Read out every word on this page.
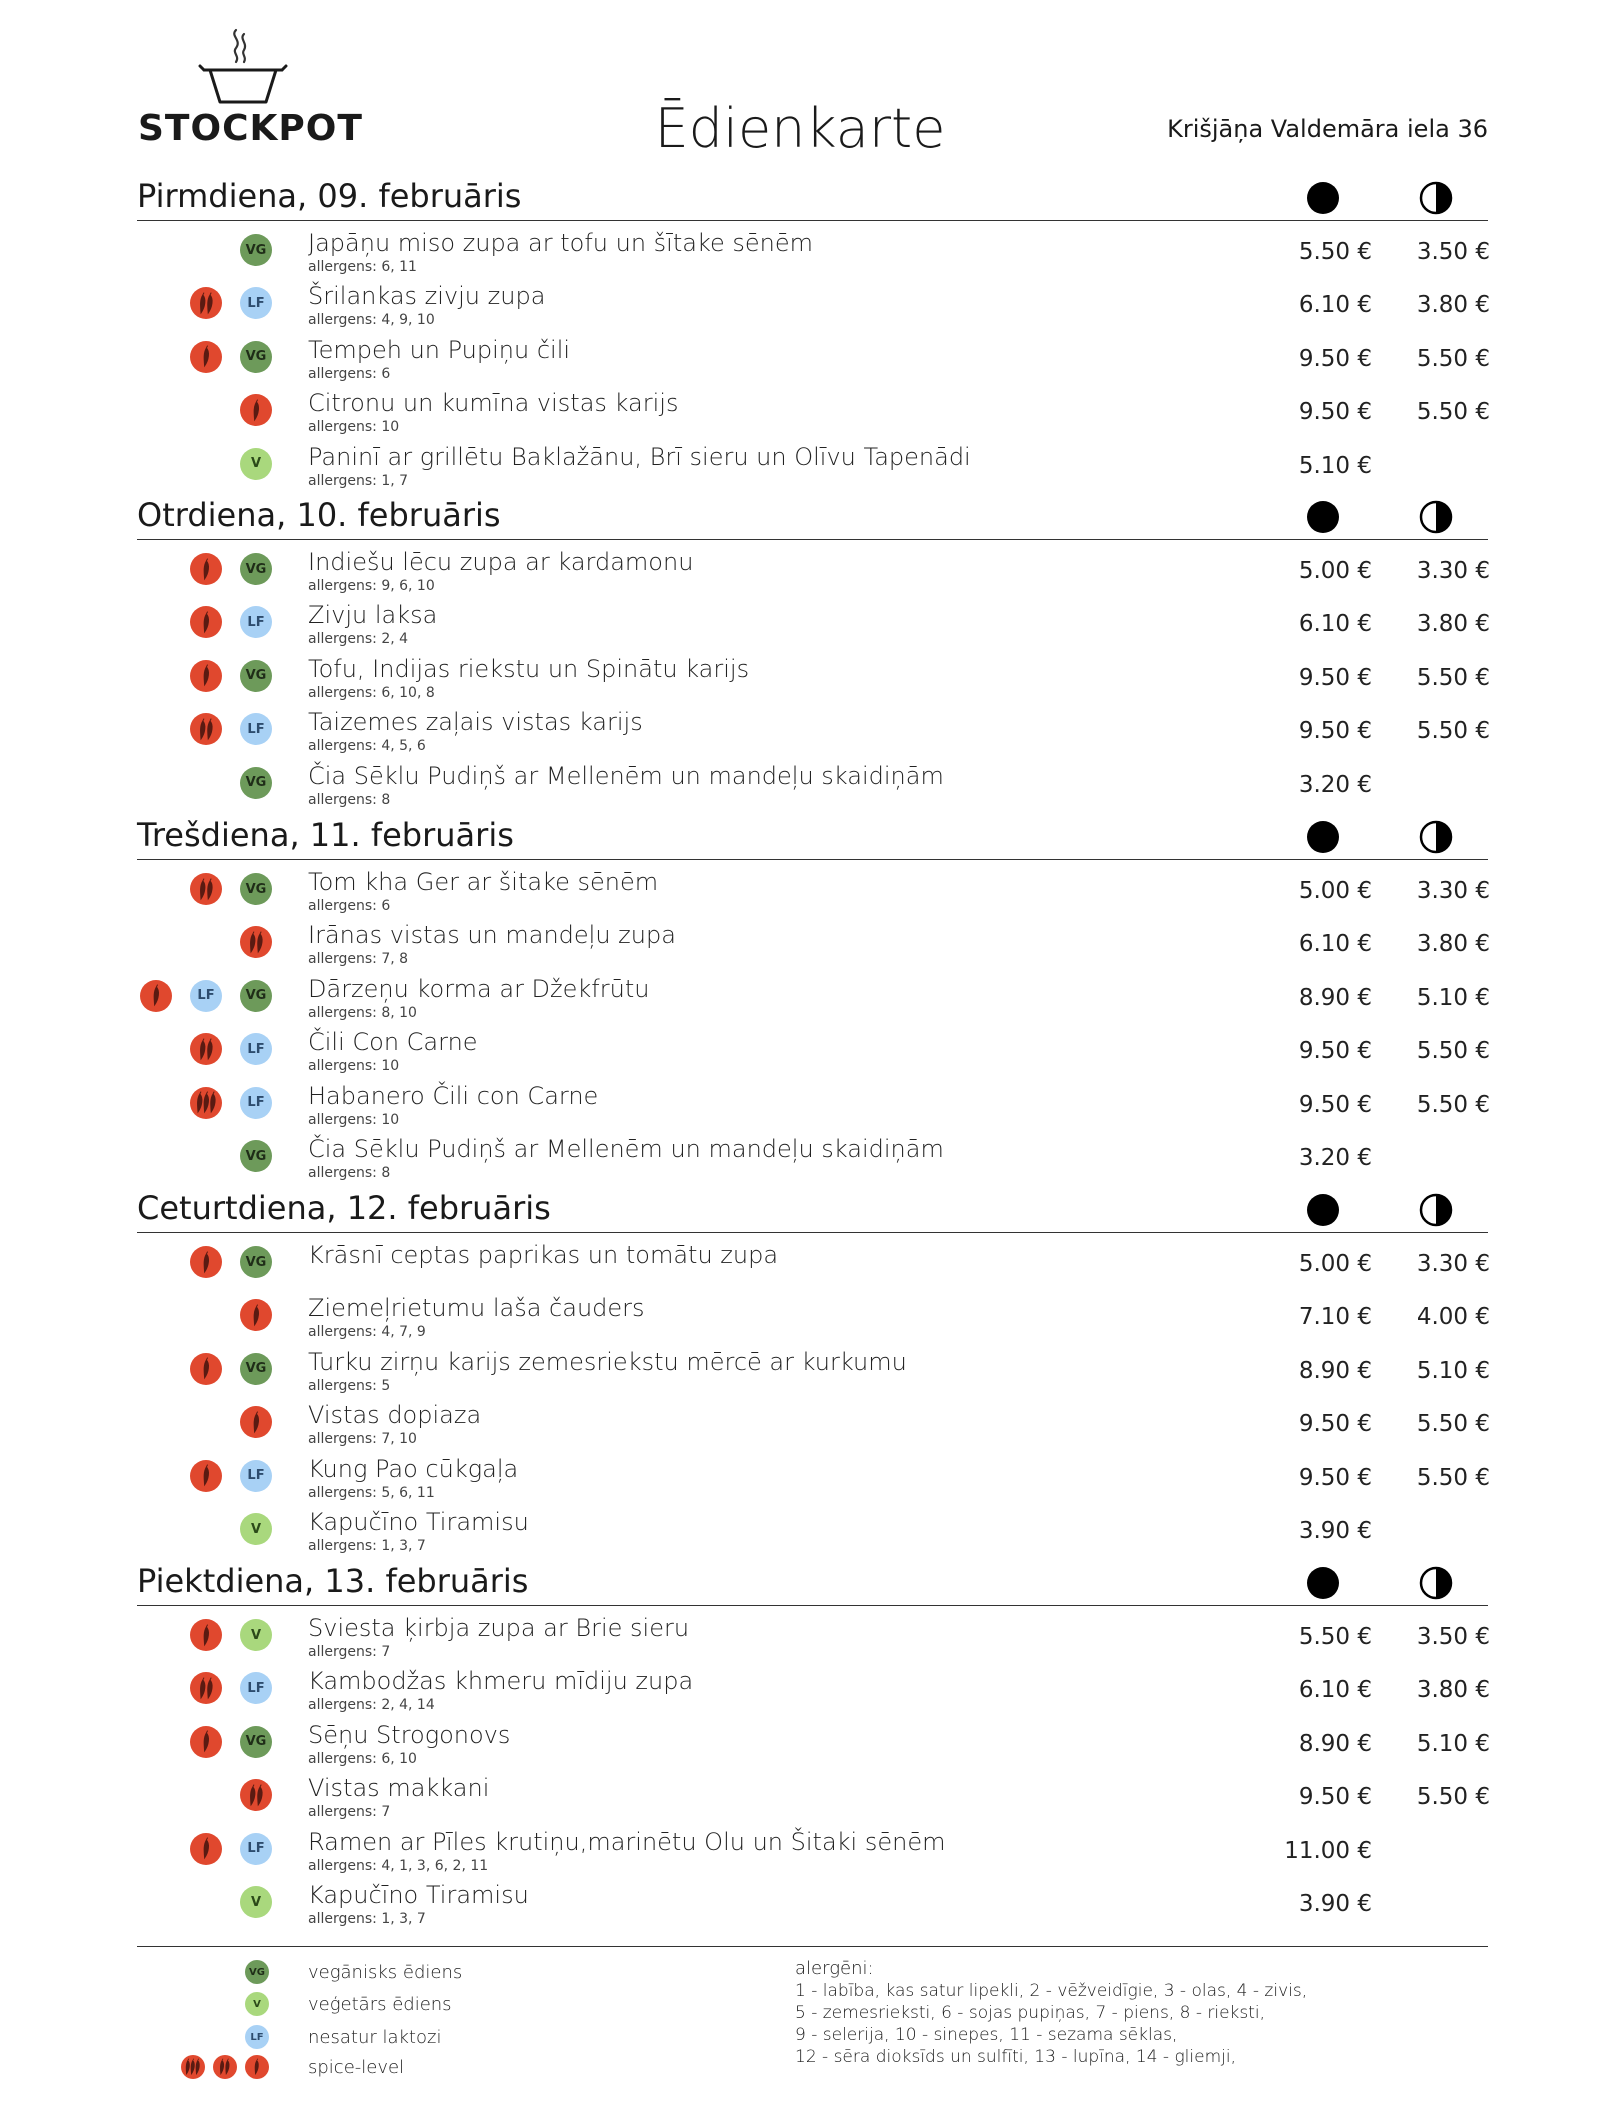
STOCKPOT	Ēdienkarte	Krišjāņa Valdemāra iela 36
Pirmdiena, 09. februāris
VG Japāņu miso zupa ar tofu un šītake sēnēm
allergens: 6, 11
5.50 €	3.50 €
LF	Šrilankas zivju zupa
allergens: 4, 9, 10
6.10 €	3.80 €
VG Tempeh un Pupiņu čili
allergens: 6
9.50 €	5.50 €
Citronu un kumīna vistas karijs
allergens: 10
9.50 €	5.50 €
V	Paninī ar grillētu Baklažānu, Brī sieru un Olīvu Tapenādi
allergens: 1, 7
5.10 €
Otrdiena, 10. februāris
VG Indiešu lēcu zupa ar kardamonu
allergens: 9, 6, 10
5.00 €	3.30 €
LF	Zivju laksa
allergens: 2, 4
6.10 €	3.80 €
VG Tofu, Indijas riekstu un Spinātu karijs
allergens: 6, 10, 8
9.50 €	5.50 €
LF	Taizemes zaļais vistas karijs
allergens: 4, 5, 6
9.50 €	5.50 €
VG Čia Sēklu Pudiņš ar Mellenēm un mandeļu skaidiņām
allergens: 8
3.20 €
Trešdiena, 11. februāris
VG Tom kha Ger ar šitake sēnēm
allergens: 6
5.00 €	3.30 €
Irānas vistas un mandeļu zupa
allergens: 7, 8
6.10 €	3.80 €
VG
LF	Dārzeņu korma ar Džekfrūtu
allergens: 8, 10
8.90 €	5.10 €
LF	Čili Con Carne
allergens: 10
9.50 €	5.50 €
LF	Habanero Čili con Carne
allergens: 10
9.50 €	5.50 €
VG Čia Sēklu Pudiņš ar Mellenēm un mandeļu skaidiņām
allergens: 8
3.20 €
Ceturtdiena, 12. februāris
VG Krāsnī ceptas paprikas un tomātu zupa	5.00 €	3.30 €
Ziemeļrietumu laša čauders
allergens: 4, 7, 9
7.10 €	4.00 €
VG Turku zirņu karijs zemesriekstu mērcē ar kurkumu
allergens: 5
8.90 €	5.10 €
Vistas dopiaza
allergens: 7, 10
9.50 €	5.50 €
LF	Kung Pao cūkgaļa
allergens: 5, 6, 11
9.50 €	5.50 €
V	Kapučīno Tiramisu
allergens: 1, 3, 7
3.90 €
Piektdiena, 13. februāris
V	Sviesta ķirbja zupa ar Brie sieru
allergens: 7
5.50 €	3.50 €
LF	Kambodžas khmeru mīdiju zupa
allergens: 2, 4, 14
6.10 €	3.80 €
VG Sēņu Strogonovs
allergens: 6, 10
8.90 €	5.10 €
Vistas makkani
allergens: 7
9.50 €	5.50 €
LF	Ramen ar Pīles krutiņu,marinētu Olu un Šitaki sēnēm
allergens: 4, 1, 3, 6, 2, 11
11.00 €
V	Kapučīno Tiramisu
allergens: 1, 3, 7
3.90 €
VG vegānisks ēdiens
V	veģetārs ēdiens
LF	nesatur laktozi
spice-level
alergēni:
1 - labība, kas satur lipekli, 2 - vēžveidīgie, 3 - olas, 4 - zivis,
5 - zemesrieksti, 6 - sojas pupiņas, 7 - piens, 8 - rieksti,
9 - selerija, 10 - sinepes, 11 - sezama sēklas,
12 - sēra dioksīds un sulfīti, 13 - lupīna, 14 - gliemji,
